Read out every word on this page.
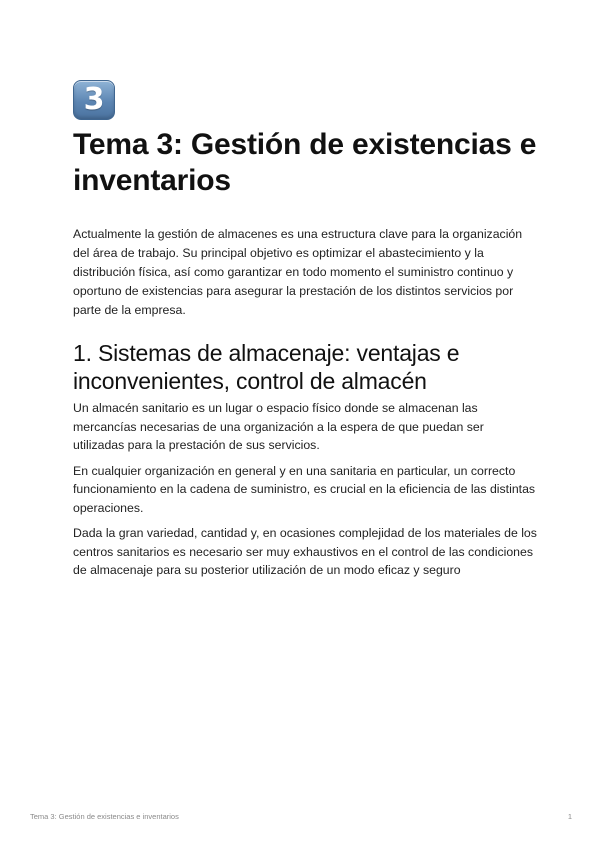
3
Tema 3: Gestión de existencias e inventarios

Actualmente la gestión de almacenes es una estructura clave para la organización del área de trabajo. Su principal objetivo es optimizar el abastecimiento y la distribución física, así como garantizar en todo momento el suministro continuo y oportuno de existencias para asegurar la prestación de los distintos servicios por parte de la empresa.

1. Sistemas de almacenaje: ventajas e inconvenientes, control de almacén

Un almacén sanitario es un lugar o espacio físico donde se almacenan las mercancías necesarias de una organización a la espera de que puedan ser utilizadas para la prestación de sus servicios.

En cualquier organización en general y en una sanitaria en particular, un correcto funcionamiento en la cadena de suministro, es crucial en la eficiencia de las distintas operaciones.

Dada la gran variedad, cantidad y, en ocasiones complejidad de los materiales de los centros sanitarios es necesario ser muy exhaustivos en el control de las condiciones de almacenaje para su posterior utilización de un modo eficaz y seguro

Tema 3: Gestión de existencias e inventarios	1
